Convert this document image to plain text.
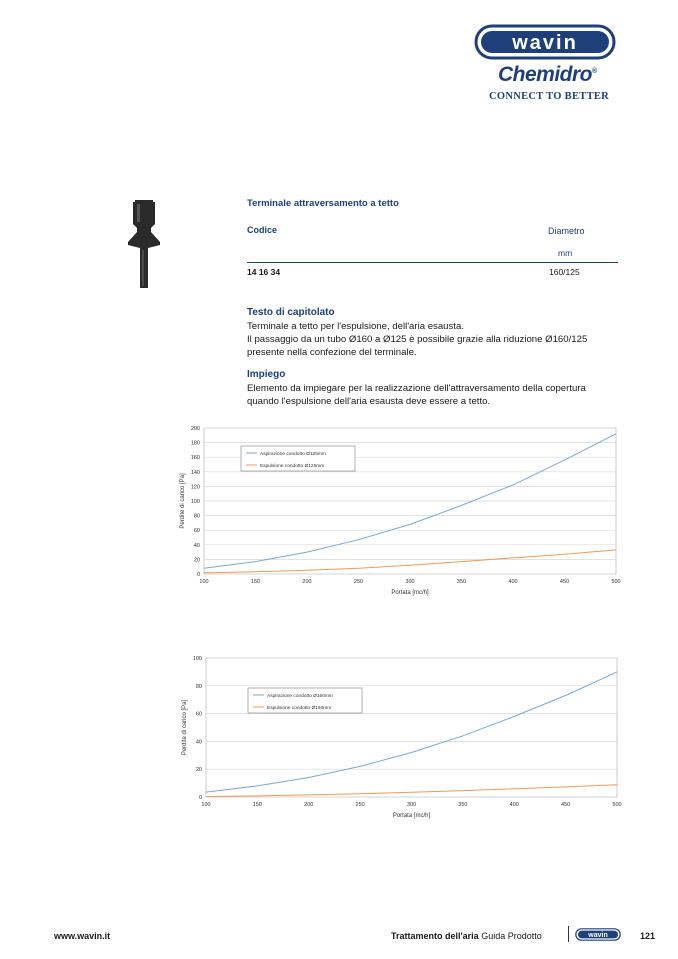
wavin
Chemidro®
CONNECT TO BETTER
Terminale attraversamento a tetto
Codice	Diametro
mm
14 16 34	160/125
Testo di capitolato
Terminale a tetto per l'espulsione, dell'aria esausta.
Il passaggio da un tubo Ø160 a Ø125 è possibile grazie alla riduzione Ø160/125
presente nella confezione del terminale.
Impiego
Elemento da impiegare per la realizzazione dell'attraversamento della copertura
quando l'espulsione dell'aria esausta deve essere a tetto.
0
20
40
60
80
100
120
140
160
180
200
100	150	200	250	300	350	400	450	500
Portata [mc/h]
Perdite di carico [Pa]
Aspirazione condotto Ø125mm
Espulsione condotto Ø125mm
0
20
40
60
80
100
100	150	200	250	300	350	400	450	500
Portata [mc/h]
Perdite di carico [Pa]
Aspirazione condotto Ø160mm
Espulsione condotto Ø160mm
www.wavin.it	Trattamento dell'aria Guida Prodotto	wavin	121
